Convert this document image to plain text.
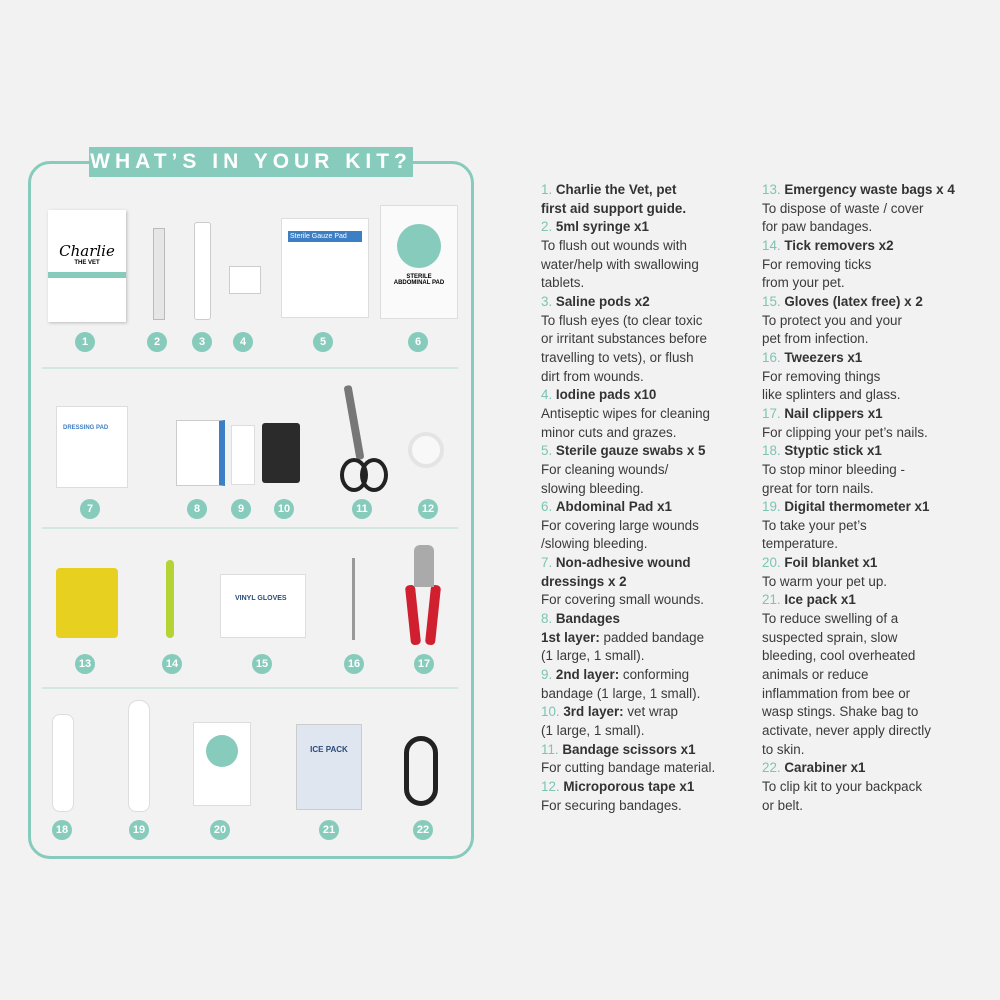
WHAT’S IN YOUR KIT?
Charlie
THE VET
Sterile Gauze Pad
STERILE ABDOMINAL PAD
DRESSING PAD
VINYL GLOVES
ICE PACK
1	2	3	4	5	6
7	8	9	10	11	12
13	14	15	16	17
18	19	20	21	22
1. Charlie the Vet, pet
first aid support guide.
2. 5ml syringe x1
To flush out wounds with
water/help with swallowing
tablets.
3. Saline pods x2
To flush eyes (to clear toxic
or irritant substances before
travelling to vets), or flush
dirt from wounds.
4. Iodine pads x10
Antiseptic wipes for cleaning
minor cuts and grazes.
5. Sterile gauze swabs x 5
For cleaning wounds/
slowing bleeding.
6. Abdominal Pad x1
For covering large wounds
/slowing bleeding.
7. Non-adhesive wound
dressings x 2
For covering small wounds.
8. Bandages
1st layer: padded bandage
(1 large, 1 small).
9. 2nd layer: conforming
bandage (1 large, 1 small).
10. 3rd layer: vet wrap
(1 large, 1 small).
11. Bandage scissors x1
For cutting bandage material.
12. Microporous tape x1
For securing bandages.
13. Emergency waste bags x 4
To dispose of waste / cover
for paw bandages.
14. Tick removers x2
For removing ticks
from your pet.
15. Gloves (latex free) x 2
To protect you and your
pet from infection.
16. Tweezers x1
For removing things
like splinters and glass.
17. Nail clippers x1
For clipping your pet’s nails.
18. Styptic stick x1
To stop minor bleeding -
great for torn nails.
19. Digital thermometer x1
To take your pet’s
temperature.
20. Foil blanket x1
To warm your pet up.
21. Ice pack x1
To reduce swelling of a
suspected sprain, slow
bleeding, cool overheated
animals or reduce
inflammation from bee or
wasp stings. Shake bag to
activate, never apply directly
to skin.
22. Carabiner x1
To clip kit to your backpack
or belt.
